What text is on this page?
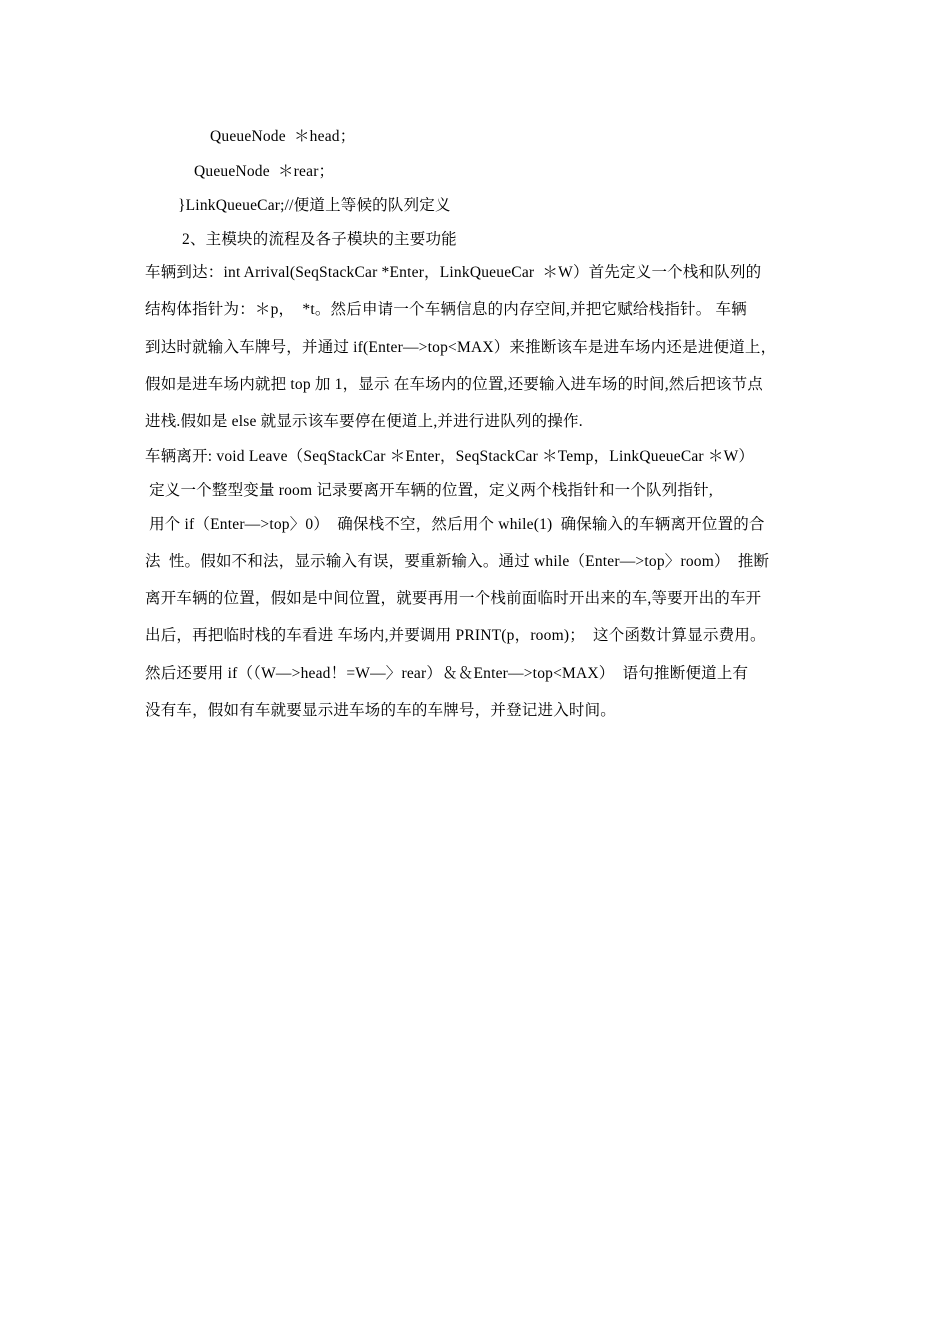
QueueNode  ＊head；
QueueNode  ＊rear；
}LinkQueueCar;//便道上等候的队列定义
2、主模块的流程及各子模块的主要功能
车辆到达：int Arrival(SeqStackCar *Enter，LinkQueueCar  ＊W）首先定义一个栈和队列的
结构体指针为：＊p，  *t。然后申请一个车辆信息的内存空间,并把它赋给栈指针。 车辆
到达时就输入车牌号，并通过 if(Enter—>top<MAX）来推断该车是进车场内还是进便道上，
假如是进车场内就把 top 加 1，显示 在车场内的位置,还要输入进车场的时间,然后把该节点
进栈.假如是 else 就显示该车要停在便道上,并进行进队列的操作.
车辆离开: void Leave（SeqStackCar ＊Enter，SeqStackCar ＊Temp，LinkQueueCar ＊W）
定义一个整型变量 room 记录要离开车辆的位置，定义两个栈指针和一个队列指针,
用个 if（Enter—>top〉0）  确保栈不空，然后用个 while(1)  确保输入的车辆离开位置的合
法  性。假如不和法，显示输入有误，要重新输入。通过 while（Enter—>top〉room）  推断
离开车辆的位置，假如是中间位置，就要再用一个栈前面临时开出来的车,等要开出的车开
出后，再把临时栈的车看进 车场内,并要调用 PRINT(p，room)；  这个函数计算显示费用。
然后还要用 if（（W—>head！=W—〉rear）＆＆Enter—>top<MAX）  语句推断便道上有
没有车，假如有车就要显示进车场的车的车牌号，并登记进入时间。
